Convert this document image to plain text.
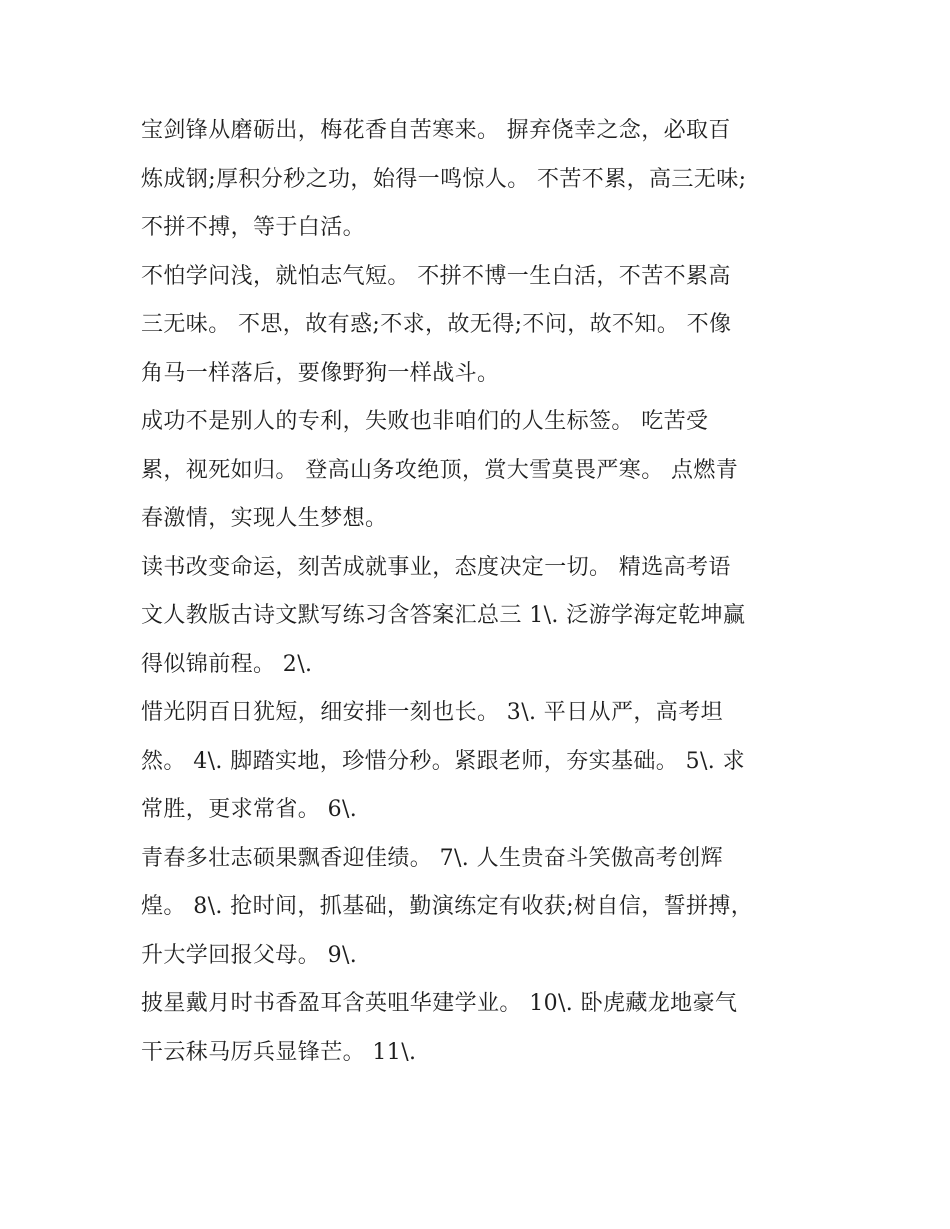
宝剑锋从磨砺出，梅花香自苦寒来。 摒弃侥幸之念，必取百
炼成钢;厚积分秒之功，始得一鸣惊人。 不苦不累，高三无味;
不拼不搏，等于白活。
不怕学问浅，就怕志气短。 不拼不博一生白活，不苦不累高
三无味。 不思，故有惑;不求，故无得;不问，故不知。 不像
角马一样落后，要像野狗一样战斗。
成功不是别人的专利，失败也非咱们的人生标签。 吃苦受
累，视死如归。 登高山务攻绝顶，赏大雪莫畏严寒。 点燃青
春激情，实现人生梦想。
读书改变命运，刻苦成就事业，态度决定一切。 精选高考语
文人教版古诗文默写练习含答案汇总三 1\. 泛游学海定乾坤赢
得似锦前程。 2\.
惜光阴百日犹短，细安排一刻也长。 3\. 平日从严，高考坦
然。 4\. 脚踏实地，珍惜分秒。紧跟老师，夯实基础。 5\. 求
常胜，更求常省。 6\.
青春多壮志硕果飘香迎佳绩。 7\. 人生贵奋斗笑傲高考创辉
煌。 8\. 抢时间，抓基础，勤演练定有收获;树自信，誓拼搏，
升大学回报父母。 9\.
披星戴月时书香盈耳含英咀华建学业。 10\. 卧虎藏龙地豪气
干云秣马厉兵显锋芒。 11\.
